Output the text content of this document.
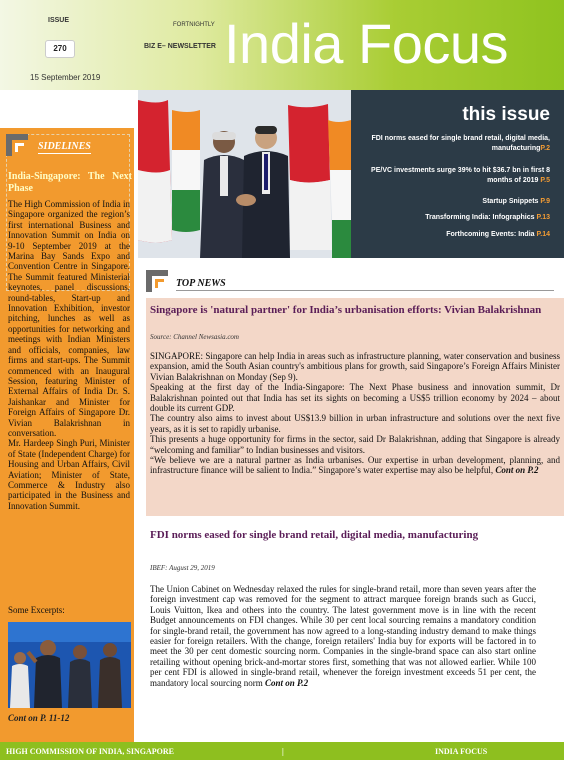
ISSUE
270
15 September 2019
FORTNIGHTLY
BIZ E– NEWSLETTER India Focus
this issue
FDI norms eased for single brand retail, digital media, manufacturingP.2
PE/VC investments surge 39% to hit $36.7 bn in first 8 months of 2019 P.5
Startup Snippets P.9
Transforming India: Infographics P.13
Forthcoming Events: India P.14
SIDELINES
India-Singapore: The Next Phase

The High Commission of India in Singapore organized the region’s first international Business and Innovation Summit on India on 9-10 September 2019 at the Marina Bay Sands Expo and Convention Centre in Singapore. The Summit featured Ministerial keynotes, panel discussions, round-tables, Start-up and Innovation Exhibition, investor pitching, lunches as well as opportunities for networking and meetings with Indian Ministers and officials, companies, law firms and start-ups. The Summit commenced with an Inaugural Session, featuring Minister of External Affairs of India Dr. S. Jaishankar and Minister for Foreign Affairs of Singapore Dr. Vivian Balakrishnan in conversation.

Mr. Hardeep Singh Puri, Minister of State (Independent Charge) for Housing and Urban Affairs, Civil Aviation; Minister of State, Commerce & Industry also participated in the Business and Innovation Summit.

Some Excerpts:
Cont on P. 11-12
TOP NEWS
Singapore is 'natural partner' for India’s urbanisation efforts: Vivian Balakrishnan
Source: Channel Newsasia.com

SINGAPORE: Singapore can help India in areas such as infrastructure planning, water conservation and business expansion, amid the South Asian country's ambitious plans for growth, said Singapore’s Foreign Affairs Minister Vivian Balakrishnan on Monday (Sep 9).

Speaking at the first day of the India-Singapore: The Next Phase business and innovation summit, Dr Balakrishnan pointed out that India has set its sights on becoming a US$5 trillion economy by 2024 – about double its current GDP.

The country also aims to invest about US$13.9 billion in urban infrastructure and solutions over the next five years, as it is set to rapidly urbanise.

This presents a huge opportunity for firms in the sector, said Dr Balakrishnan, adding that Singapore is already “welcoming and familiar” to Indian businesses and visitors.

“We believe we are a natural partner as India urbanises. Our expertise in urban development, planning, and infrastructure finance will be salient to India.” Singapore’s water expertise may also be helpful, Cont on P.2

FDI norms eased for single brand retail, digital media, manufacturing
IBEF: August 29, 2019
The Union Cabinet on Wednesday relaxed the rules for single-brand retail, more than seven years after the foreign investment cap was removed for the segment to attract marquee foreign brands such as Gucci, Louis Vuitton, Ikea and others into the country. The latest government move is in line with the recent Budget announcements on FDI changes. While 30 per cent local sourcing remains a mandatory condition for single-brand retail, the government has now agreed to a long-standing industry demand to make things easier for foreign retailers. With the change, foreign retailers' India buy for exports will be factored in to meet the 30 per cent domestic sourcing norm. Companies in the single-brand space can also start online retailing without opening brick-and-mortar stores first, something that was not allowed earlier. While 100 per cent FDI is allowed in single-brand retail, whenever the foreign investment exceeds 51 per cent, the mandatory local sourcing norm Cont on P.2
HIGH COMMISSION OF INDIA, SINGAPORE	|	INDIA FOCUS
